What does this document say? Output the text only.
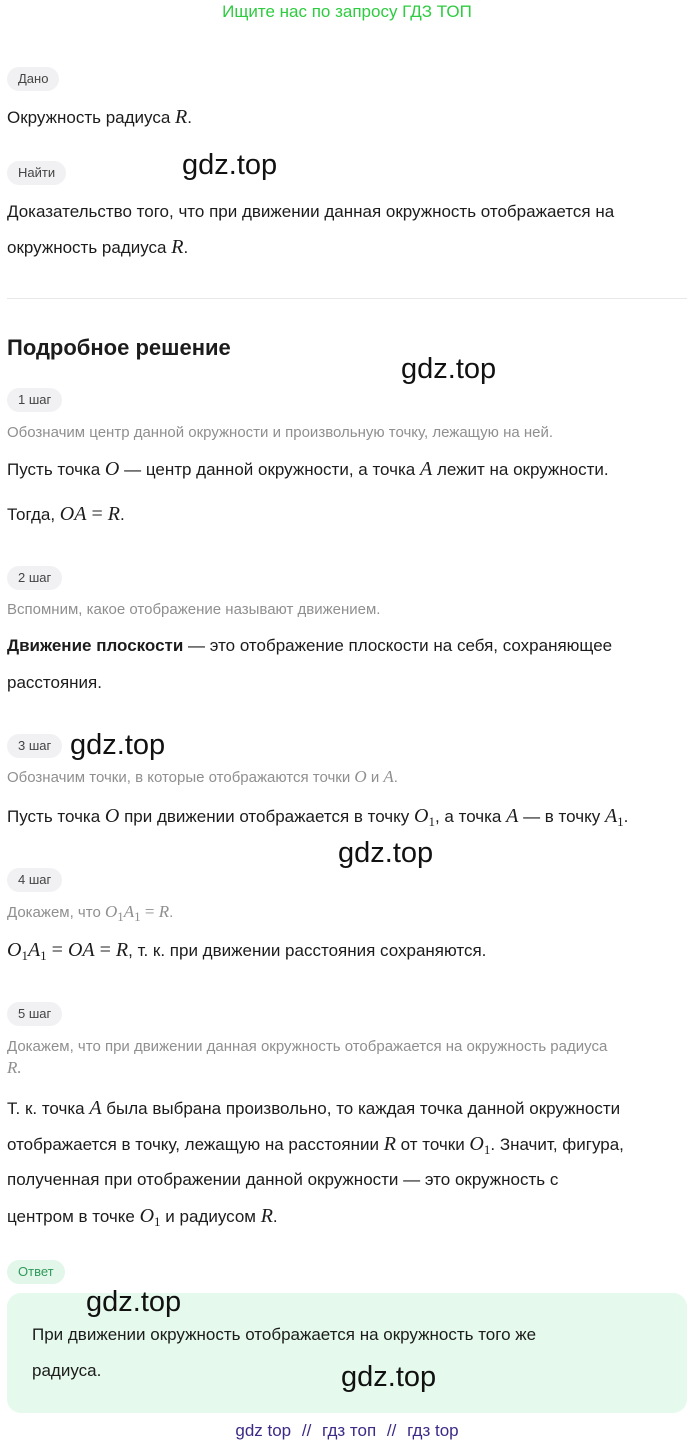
Ищите нас по запросу ГДЗ ТОП
Дано
Окружность радиуса R.
Найти
Доказательство того, что при движении данная окружность отображается на
окружность радиуса R.
Подробное решение
1 шаг
Обозначим центр данной окружности и произвольную точку, лежащую на ней.
Пусть точка O — центр данной окружности, а точка A лежит на окружности.
Тогда, OA = R.
2 шаг
Вспомним, какое отображение называют движением.
Движение плоскости — это отображение плоскости на себя, сохраняющее
расстояния.
3 шаг
Обозначим точки, в которые отображаются точки O и A.
Пусть точка O при движении отображается в точку $O_1$, а точка A — в точку $A_1$.
4 шаг
Докажем, что $O_1A_1 = R$.
$O_1A_1$ = OA = R, т. к. при движении расстояния сохраняются.
5 шаг
Докажем, что при движении данная окружность отображается на окружность радиуса
R.
Т. к. точка A была выбрана произвольно, то каждая точка данной окружности
отображается в точку, лежащую на расстоянии R от точки $O_1$. Значит, фигура,
полученная при отображении данной окружности — это окружность с
центром в точке $O_1$ и радиусом R.
Ответ
При движении окружность отображается на окружность того же
радиуса.
gdz.top
gdz.top
gdz.top
gdz.top
gdz.top
gdz.top
gdz top // гдз топ // гдз top
